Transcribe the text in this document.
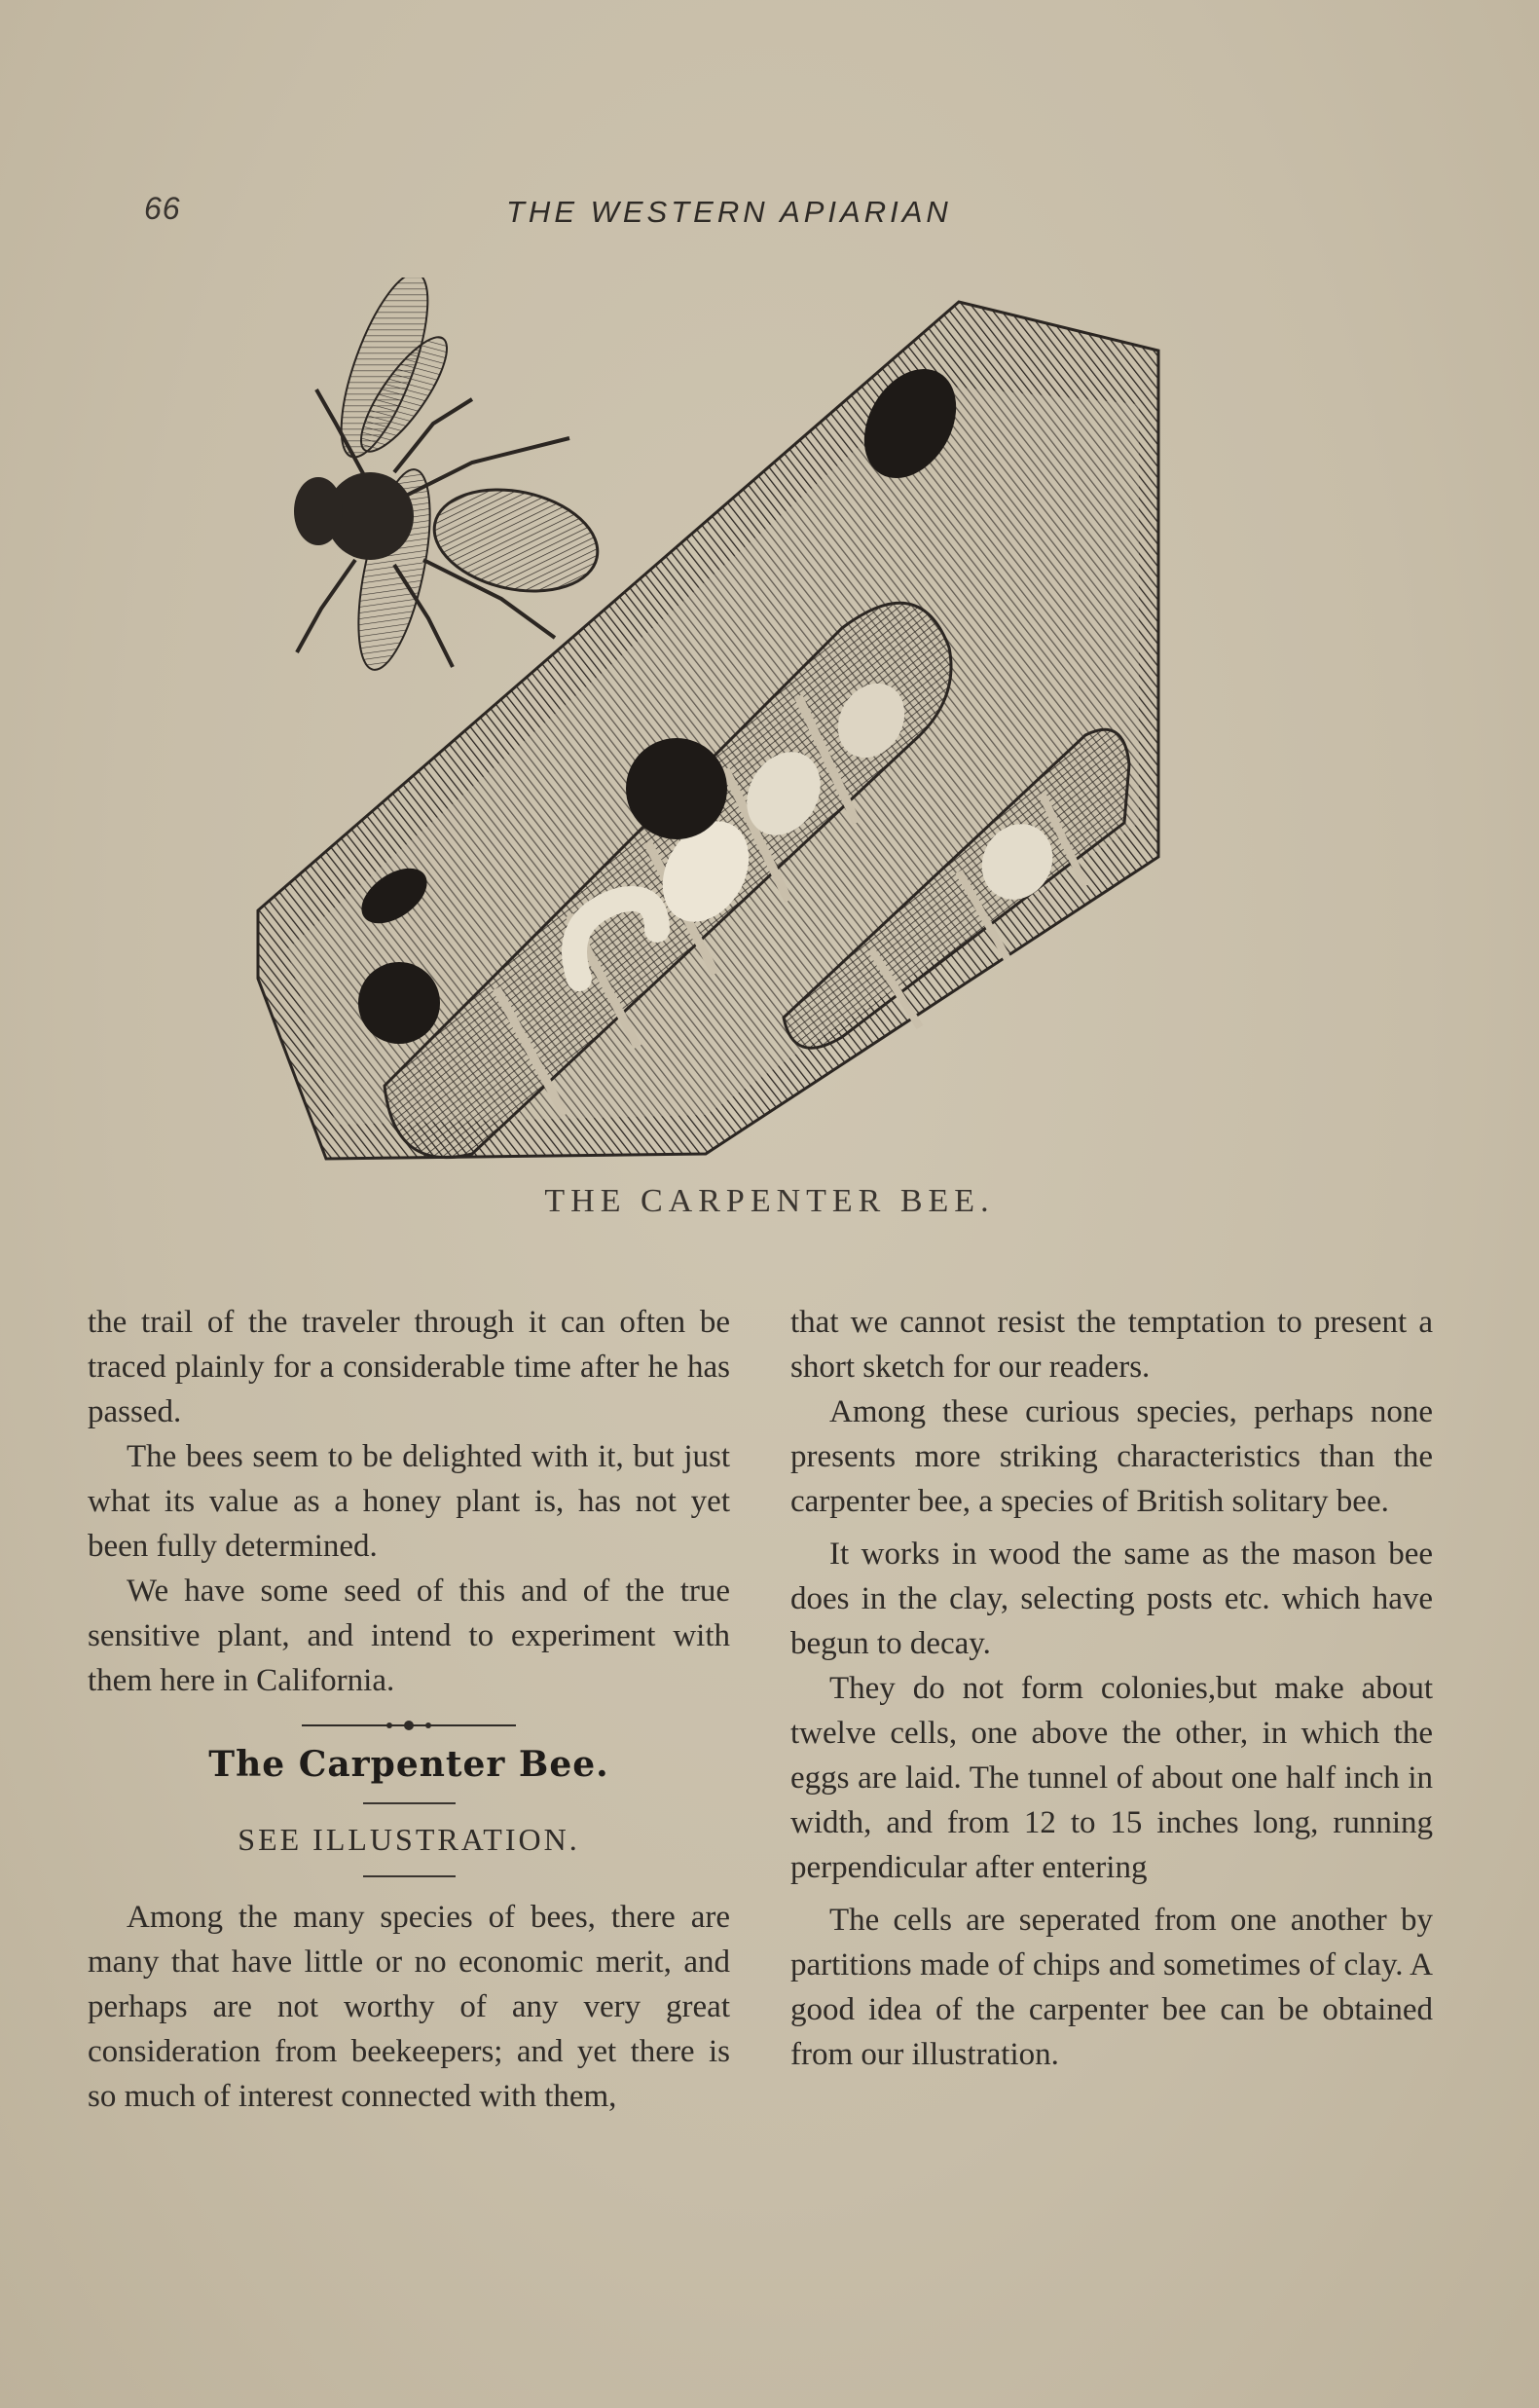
66	THE WESTERN APIARIAN
THE CARPENTER BEE.

the trail of the traveler through it can often be traced plainly for a considerable time after he has passed.

The bees seem to be delighted with it, but just what its value as a honey plant is, has not yet been fully determined.

We have some seed of this and of the true sensitive plant, and intend to experiment with them here in California.

The Carpenter Bee.
SEE ILLUSTRATION.

Among the many species of bees, there are many that have little or no economic merit, and perhaps are not worthy of any very great consideration from beekeepers; and yet there is so much of interest connected with them,

that we cannot resist the temptation to present a short sketch for our readers.

Among these curious species, perhaps none presents more striking characteristics than the carpenter bee, a species of British solitary bee.

It works in wood the same as the mason bee does in the clay, selecting posts etc. which have begun to decay.

They do not form colonies,but make about twelve cells, one above the other, in which the eggs are laid. The tunnel of about one half inch in width, and from 12 to 15 inches long, running perpendicular after entering

The cells are seperated from one another by partitions made of chips and sometimes of clay. A good idea of the carpenter bee can be obtained from our illustration.
